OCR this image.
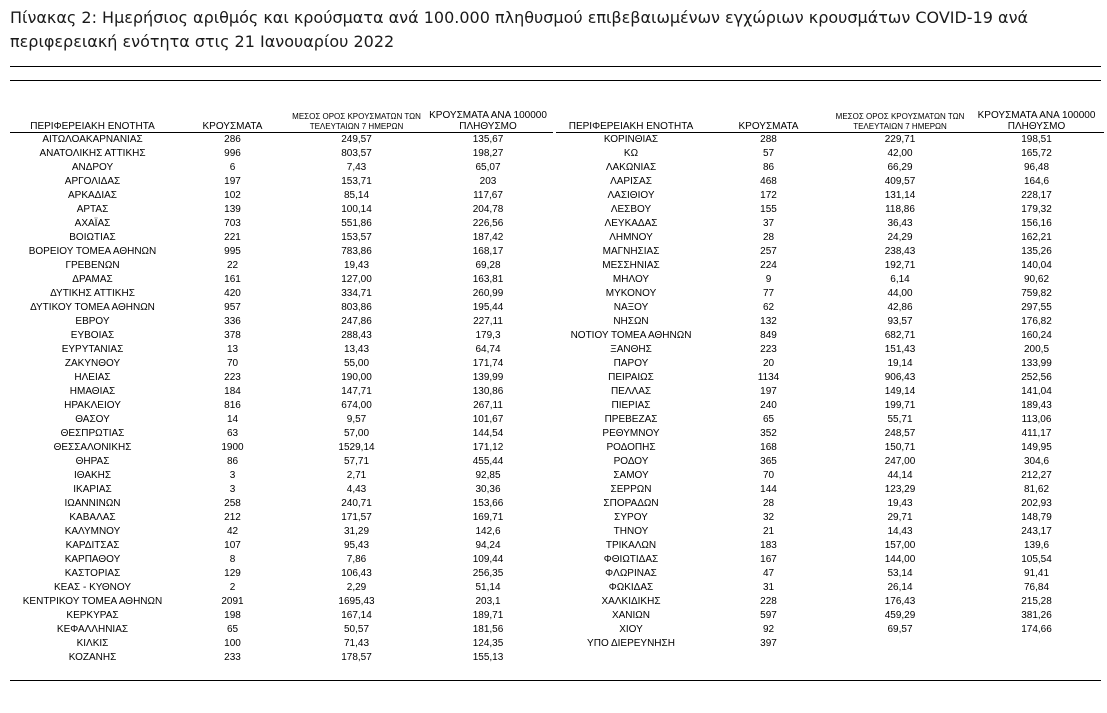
Πίνακας 2: Ημερήσιος αριθμός και κρούσματα ανά 100.000 πληθυσμού επιβεβαιωμένων εγχώριων κρουσμάτων COVID-19 ανά περιφερειακή ενότητα στις 21 Ιανουαρίου 2022
ΠΕΡΙΦΕΡΕΙΑΚΗ ΕΝΟΤΗΤΑ	ΚΡΟΥΣΜΑΤΑ	ΜΕΣΟΣ ΟΡΟΣ ΚΡΟΥΣΜΑΤΩΝ ΤΩΝ ΤΕΛΕΥΤΑΙΩΝ 7 ΗΜΕΡΩΝ	ΚΡΟΥΣΜΑΤΑ ΑΝΑ 100000 ΠΛΗΘΥΣΜΟ
ΑΙΤΩΛΟΑΚΑΡΝΑΝΙΑΣ	286	249,57	135,67
ΑΝΑΤΟΛΙΚΗΣ ΑΤΤΙΚΗΣ	996	803,57	198,27
ΑΝΔΡΟΥ	6	7,43	65,07
ΑΡΓΟΛΙΔΑΣ	197	153,71	203
ΑΡΚΑΔΙΑΣ	102	85,14	117,67
ΑΡΤΑΣ	139	100,14	204,78
ΑΧΑΪΑΣ	703	551,86	226,56
ΒΟΙΩΤΙΑΣ	221	153,57	187,42
ΒΟΡΕΙΟΥ ΤΟΜΕΑ ΑΘΗΝΩΝ	995	783,86	168,17
ΓΡΕΒΕΝΩΝ	22	19,43	69,28
ΔΡΑΜΑΣ	161	127,00	163,81
ΔΥΤΙΚΗΣ ΑΤΤΙΚΗΣ	420	334,71	260,99
ΔΥΤΙΚΟΥ ΤΟΜΕΑ ΑΘΗΝΩΝ	957	803,86	195,44
ΕΒΡΟΥ	336	247,86	227,11
ΕΥΒΟΙΑΣ	378	288,43	179,3
ΕΥΡΥΤΑΝΙΑΣ	13	13,43	64,74
ΖΑΚΥΝΘΟΥ	70	55,00	171,74
ΗΛΕΙΑΣ	223	190,00	139,99
ΗΜΑΘΙΑΣ	184	147,71	130,86
ΗΡΑΚΛΕΙΟΥ	816	674,00	267,11
ΘΑΣΟΥ	14	9,57	101,67
ΘΕΣΠΡΩΤΙΑΣ	63	57,00	144,54
ΘΕΣΣΑΛΟΝΙΚΗΣ	1900	1529,14	171,12
ΘΗΡΑΣ	86	57,71	455,44
ΙΘΑΚΗΣ	3	2,71	92,85
ΙΚΑΡΙΑΣ	3	4,43	30,36
ΙΩΑΝΝΙΝΩΝ	258	240,71	153,66
ΚΑΒΑΛΑΣ	212	171,57	169,71
ΚΑΛΥΜΝΟΥ	42	31,29	142,6
ΚΑΡΔΙΤΣΑΣ	107	95,43	94,24
ΚΑΡΠΑΘΟΥ	8	7,86	109,44
ΚΑΣΤΟΡΙΑΣ	129	106,43	256,35
ΚΕΑΣ - ΚΥΘΝΟΥ	2	2,29	51,14
ΚΕΝΤΡΙΚΟΥ ΤΟΜΕΑ ΑΘΗΝΩΝ	2091	1695,43	203,1
ΚΕΡΚΥΡΑΣ	198	167,14	189,71
ΚΕΦΑΛΛΗΝΙΑΣ	65	50,57	181,56
ΚΙΛΚΙΣ	100	71,43	124,35
ΚΟΖΑΝΗΣ	233	178,57	155,13
ΠΕΡΙΦΕΡΕΙΑΚΗ ΕΝΟΤΗΤΑ	ΚΡΟΥΣΜΑΤΑ	ΜΕΣΟΣ ΟΡΟΣ ΚΡΟΥΣΜΑΤΩΝ ΤΩΝ ΤΕΛΕΥΤΑΙΩΝ 7 ΗΜΕΡΩΝ	ΚΡΟΥΣΜΑΤΑ ΑΝΑ 100000 ΠΛΗΘΥΣΜΟ
ΚΟΡΙΝΘΙΑΣ	288	229,71	198,51
ΚΩ	57	42,00	165,72
ΛΑΚΩΝΙΑΣ	86	66,29	96,48
ΛΑΡΙΣΑΣ	468	409,57	164,6
ΛΑΣΙΘΙΟΥ	172	131,14	228,17
ΛΕΣΒΟΥ	155	118,86	179,32
ΛΕΥΚΑΔΑΣ	37	36,43	156,16
ΛΗΜΝΟΥ	28	24,29	162,21
ΜΑΓΝΗΣΙΑΣ	257	238,43	135,26
ΜΕΣΣΗΝΙΑΣ	224	192,71	140,04
ΜΗΛΟΥ	9	6,14	90,62
ΜΥΚΟΝΟΥ	77	44,00	759,82
ΝΑΞΟΥ	62	42,86	297,55
ΝΗΣΩΝ	132	93,57	176,82
ΝΟΤΙΟΥ ΤΟΜΕΑ ΑΘΗΝΩΝ	849	682,71	160,24
ΞΑΝΘΗΣ	223	151,43	200,5
ΠΑΡΟΥ	20	19,14	133,99
ΠΕΙΡΑΙΩΣ	1134	906,43	252,56
ΠΕΛΛΑΣ	197	149,14	141,04
ΠΙΕΡΙΑΣ	240	199,71	189,43
ΠΡΕΒΕΖΑΣ	65	55,71	113,06
ΡΕΘΥΜΝΟΥ	352	248,57	411,17
ΡΟΔΟΠΗΣ	168	150,71	149,95
ΡΟΔΟΥ	365	247,00	304,6
ΣΑΜΟΥ	70	44,14	212,27
ΣΕΡΡΩΝ	144	123,29	81,62
ΣΠΟΡΑΔΩΝ	28	19,43	202,93
ΣΥΡΟΥ	32	29,71	148,79
ΤΗΝΟΥ	21	14,43	243,17
ΤΡΙΚΑΛΩΝ	183	157,00	139,6
ΦΘΙΩΤΙΔΑΣ	167	144,00	105,54
ΦΛΩΡΙΝΑΣ	47	53,14	91,41
ΦΩΚΙΔΑΣ	31	26,14	76,84
ΧΑΛΚΙΔΙΚΗΣ	228	176,43	215,28
ΧΑΝΙΩΝ	597	459,29	381,26
ΧΙΟΥ	92	69,57	174,66
ΥΠΟ ΔΙΕΡΕΥΝΗΣΗ	397		
